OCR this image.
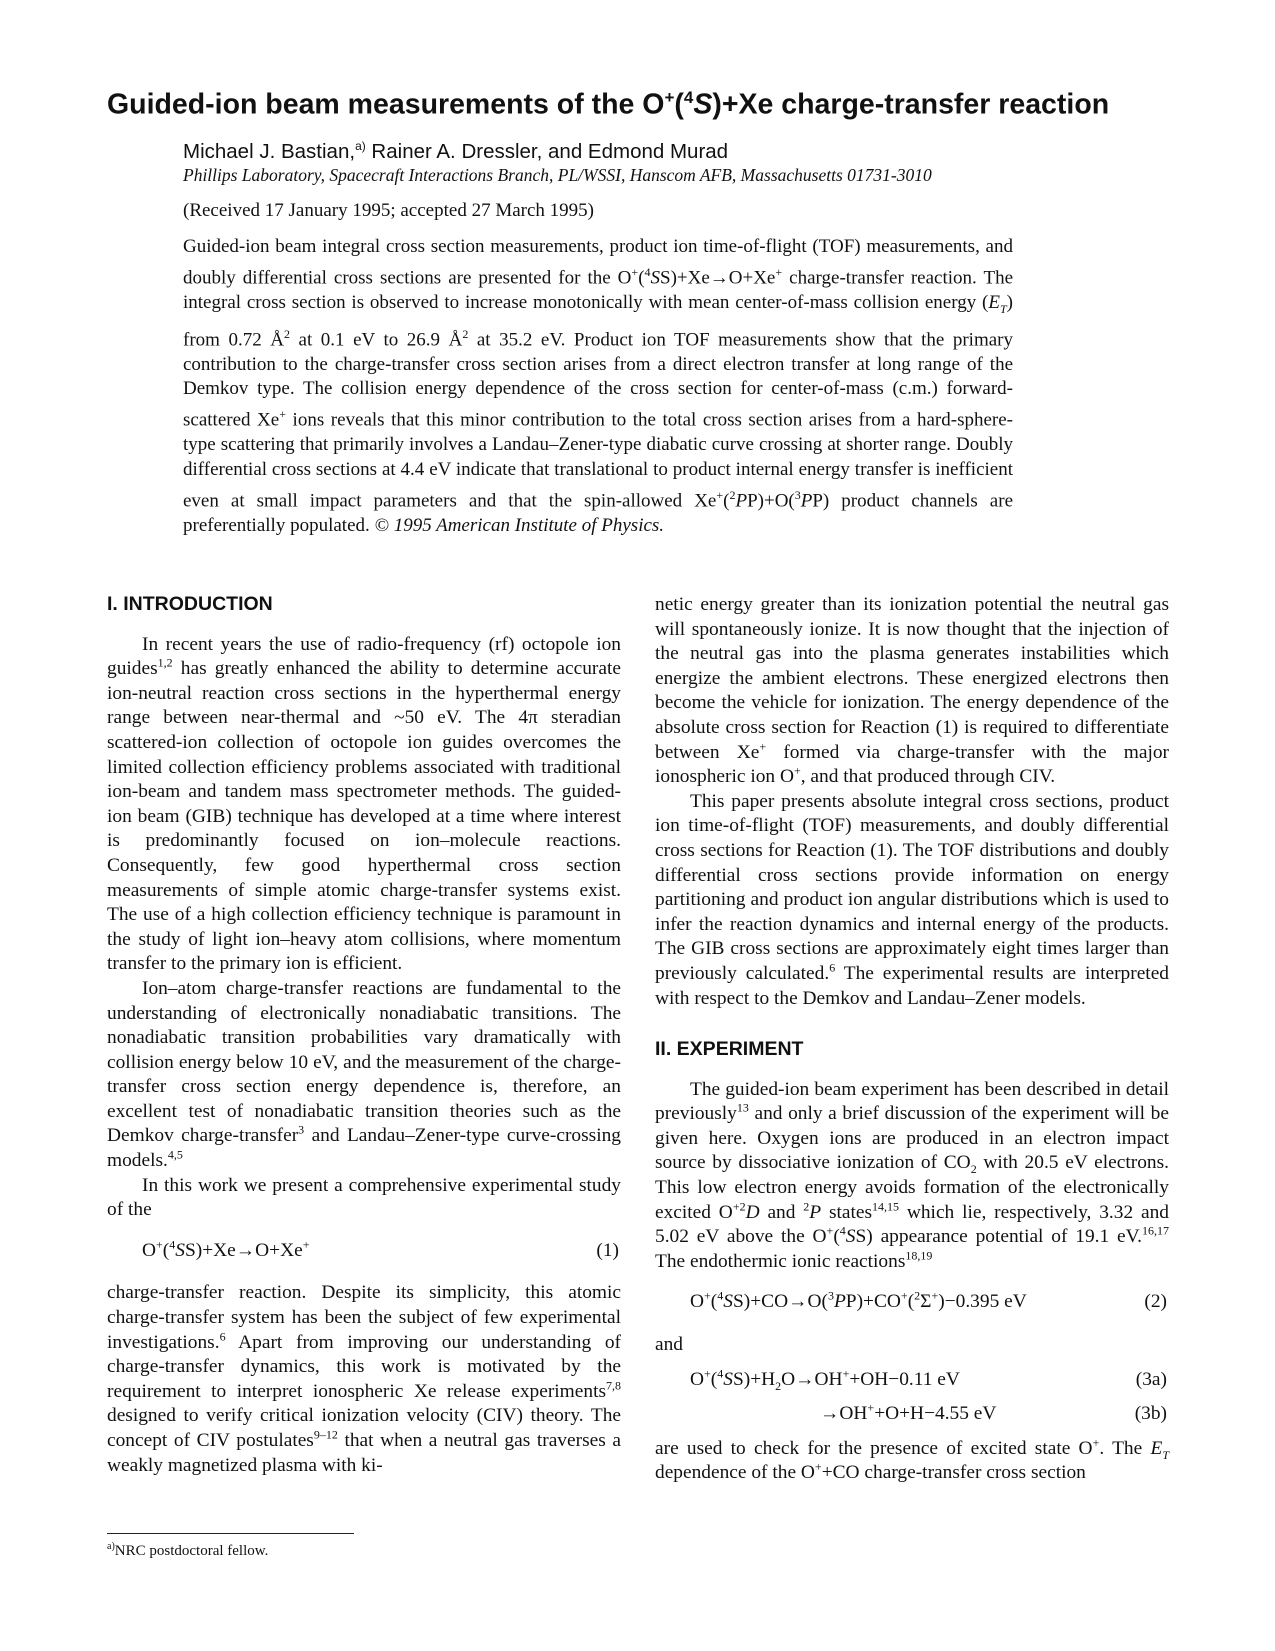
Guided-ion beam measurements of the O+($^4$S)+Xe charge-transfer reaction
Michael J. Bastian,$^{a)}$ Rainer A. Dressler, and Edmond Murad
Phillips Laboratory, Spacecraft Interactions Branch, PL/WSSI, Hanscom AFB, Massachusetts 01731-3010
(Received 17 January 1995; accepted 27 March 1995)

Guided-ion beam integral cross section measurements, product ion time-of-flight (TOF) measurements, and doubly differential cross sections are presented for the O+($^4$SS)+Xe→O+Xe+ charge-transfer reaction. The integral cross section is observed to increase monotonically with mean center-of-mass collision energy $(E_T)$ from 0.72 $Å^2$ at 0.1 eV to 26.9 $Å^2$ at 35.2 eV. Product ion TOF measurements show that the primary contribution to the charge-transfer cross section arises from a direct electron transfer at long range of the Demkov type. The collision energy dependence of the cross section for center-of-mass (c.m.) forward-scattered Xe+ ions reveals that this minor contribution to the total cross section arises from a hard-sphere-type scattering that primarily involves a Landau–Zener-type diabatic curve crossing at shorter range. Doubly differential cross sections at 4.4 eV indicate that translational to product internal energy transfer is inefficient even at small impact parameters and that the spin-allowed Xe+($^2$PP)+O($^3$PP) product channels are preferentially populated. © 1995 American Institute of Physics.

I. INTRODUCTION

In recent years the use of radio-frequency (rf) octopole ion guides$^{1,2}$ has greatly enhanced the ability to determine accurate ion-neutral reaction cross sections in the hyperthermal energy range between near-thermal and ~50 eV. The 4π steradian scattered-ion collection of octopole ion guides overcomes the limited collection efficiency problems associated with traditional ion-beam and tandem mass spectrometer methods. The guided-ion beam (GIB) technique has developed at a time where interest is predominantly focused on ion–molecule reactions. Consequently, few good hyperthermal cross section measurements of simple atomic charge-transfer systems exist. The use of a high collection efficiency technique is paramount in the study of light ion–heavy atom collisions, where momentum transfer to the primary ion is efficient.

Ion–atom charge-transfer reactions are fundamental to the understanding of electronically nonadiabatic transitions. The nonadiabatic transition probabilities vary dramatically with collision energy below 10 eV, and the measurement of the charge-transfer cross section energy dependence is, therefore, an excellent test of nonadiabatic transition theories such as the Demkov charge-transfer$^3$ and Landau–Zener-type curve-crossing models.$^{4,5}$

In this work we present a comprehensive experimental study of the

O+($^4$SS)+Xe→O+Xe+	(1)

charge-transfer reaction. Despite its simplicity, this atomic charge-transfer system has been the subject of few experimental investigations.$^6$ Apart from improving our understanding of charge-transfer dynamics, this work is motivated by the requirement to interpret ionospheric Xe release experiments$^{7,8}$ designed to verify critical ionization velocity (CIV) theory. The concept of CIV postulates$^{9-12}$ that when a neutral gas traverses a weakly magnetized plasma with ki-

netic energy greater than its ionization potential the neutral gas will spontaneously ionize. It is now thought that the injection of the neutral gas into the plasma generates instabilities which energize the ambient electrons. These energized electrons then become the vehicle for ionization. The energy dependence of the absolute cross section for Reaction (1) is required to differentiate between Xe+ formed via charge-transfer with the major ionospheric ion O+, and that produced through CIV.

This paper presents absolute integral cross sections, product ion time-of-flight (TOF) measurements, and doubly differential cross sections for Reaction (1). The TOF distributions and doubly differential cross sections provide information on energy partitioning and product ion angular distributions which is used to infer the reaction dynamics and internal energy of the products. The GIB cross sections are approximately eight times larger than previously calculated.$^6$ The experimental results are interpreted with respect to the Demkov and Landau–Zener models.

II. EXPERIMENT

The guided-ion beam experiment has been described in detail previously$^{13}$ and only a brief discussion of the experiment will be given here. Oxygen ions are produced in an electron impact source by dissociative ionization of $CO_2$ with 20.5 eV electrons. This low electron energy avoids formation of the electronically excited $O^{+2}D$ and $^2$P states$^{14,15}$ which lie, respectively, 3.32 and 5.02 eV above the O+($^4$SS) appearance potential of 19.1 eV.$^{16,17}$ The endothermic ionic reactions$^{18,19}$

O+($^4$SS)+CO→O($^3$PP)+CO+($^2$Σ+)−0.395 eV	(2)

and

$O^+(^4SS)+H_2O\to OH^++OH-0.11$ eV	(3a)
→OH++O+H−4.55 eV	(3b)

are used to check for the presence of excited state O+. The $E_T$ dependence of the O++CO charge-transfer cross section

$^{a)}$NRC postdoctoral fellow.
